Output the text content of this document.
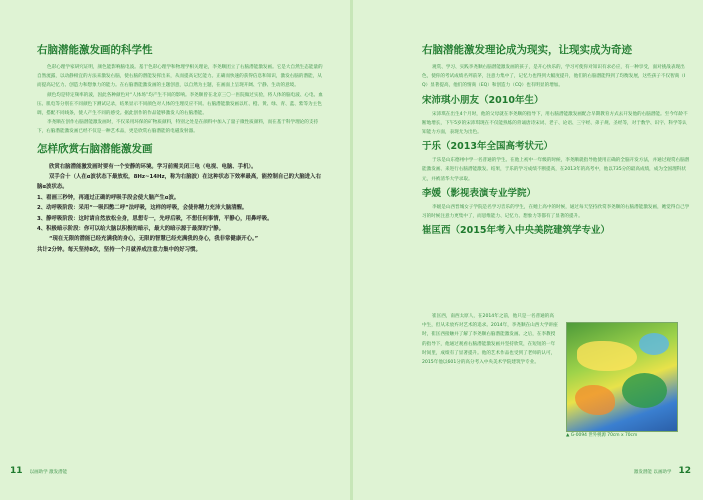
右脑潜能激发画的科学性

色彩心理学家研究证明，颜色能影响脑电波。基于色彩心理学和物理学相关理论，李尧顺团立了右脑潜能激发画。它是大自然生态能量的自然流露，以动静相宜的方法来激发右脑，使右脑的潜能发挥出来，从而提高记忆能力。正确而快速的获得信息和知识，激发右脑的潜能，从而提高记忆力、创造力和想象力的能力。在右脑潜能激发画的主题创意，以自然为主题，在画面上呈现开阔、宁静、生动的意境。

颜色均是特定频率的波，因此各种颜色对“人体场”均产生不同的影响。李尧顺曾在北京三〇一医院做过实验，将人体的脑电波、心电、血压、肌电等分别在不同颜色下测试记录，结果显示不同颜色对人体的生理反应不同。右脑潜能激发画以红、橙、黄、绿、青、蓝、紫等为主色调，搭配不同线条，使人产生不同的感受。据此创作的作品能够激发人的右脑潜能。

李尧顺在创作右脑潜能激发画时，不仅采用环保的矿物质颜料，特别之处是在颜料中加入了量子微性质颜料，而在基于科学理论的支持下，右脑潜能激发画已经不仅是一种艺术品，更是欣赏右脑潜能的电磁发射器。

怎样欣赏右脑潜能激发画

欣赏右脑潜能激发画时要有一个安静的环境。学习前需关闭三电（电视、电脑、手机）。

双手合十（人在α波状态下最放松，8Hz~14Hz，称为右脑波）在这种状态下效率最高，能控制自己的大脑进入右脑α波状态。

1、看画三秒钟，再通过正确的呼吸手段会使大脑产生α波。
2、动呼吸阶段：采用“一吸四憋二呼”法呼吸，这样的呼吸，会使你精力充沛大脑清醒。
3、静呼吸阶段：这时请自然放松全身，思想专一，先呼后吸，不想任何事情，平静心，用鼻呼吸。
4、积极暗示阶段：你可以给大脑以积极的暗示，最大的暗示源于最深的宁静。

“现在无限的潜能已经充满我的身心，无限的智慧已经充满我的身心，我非常健康开心。”

共计2分钟。每天坚持8次，坚持一个月就养成注意力集中的好习惯。

11 以画助学 激发潜能
右脑潜能激发理论成为现实，让现实成为奇迹

观赏、学习、实践李尧顺右脑潜能激发画的孩子，是开心快乐的，学习可使你对知识有求必应，有一种享受，面对挑战表现出色，使你的考试成绩名列前茅，注意力集中了，记忆力也得到大幅度提升，他们的右脑潜能得到了均衡发展，这些孩子不仅智商（IQ）显著提高，他们的情商（EQ）和创造力（CQ）也有明显的增加。

宋沛琪小朋友（2010年生）

宋沛琪在出生4个月时，他的父母就在李尧顺的指导下，用右脑潜能激发画配合早期教育方式去开发他的右脑潜能。至今年龄不断地增长，下午5岁的宋沛琪现在不仅能熟练的背诵唐诗宋词、老子、论语、三字经、弟子规、圣经等，对于数学、识字、科学等认知能力方面，表现尤为出色。

于乐（2013年全国高考状元）

于乐是山东德州中学一名普通的学生。在他上初中一年级的时候，李尧顺就指导他使用正确的全脑开发方法，并通过观赏右脑潜能激发画、来进行右脑潜能激发。结果，于乐的学习成绩不断提高，在2013年的高考中，他以735分的最高成绩，成为全国理科状元，并被清华大学录取。

李媛（影视表演专业学院）

李媛是山西晋城女子学院是名学习音乐的学生，在她上高中的时候，通过每天坚持欣赏李尧顺的右脑潜能激发画，她觉得自己学习的时候注意力更集中了，而思维能力、记忆力、想象力等都有了显著的提升。

崔匡西（2015年考入中央美院建筑学专业）

崔匡西，南西太原人，在2014年之前，他只是一名普通的高中生，但从未放弃对艺术的追求。2014年，李尧顺在山西大学讲座时，崔匡西接触并了解了李尧顺右脑潜能激发画。之后，在李教授的指导下，他通过观看右脑潜能激发画并坚持欣赏，在短短的一年时间里，成绩有了显著提升。他的艺术作品也受到了老师的认可，2015年他以601分的高分考入中央美术学院建筑学专业。

▲ G-0094 世外桃源 70cm x 70cm
激发潜能 以画助学 12
